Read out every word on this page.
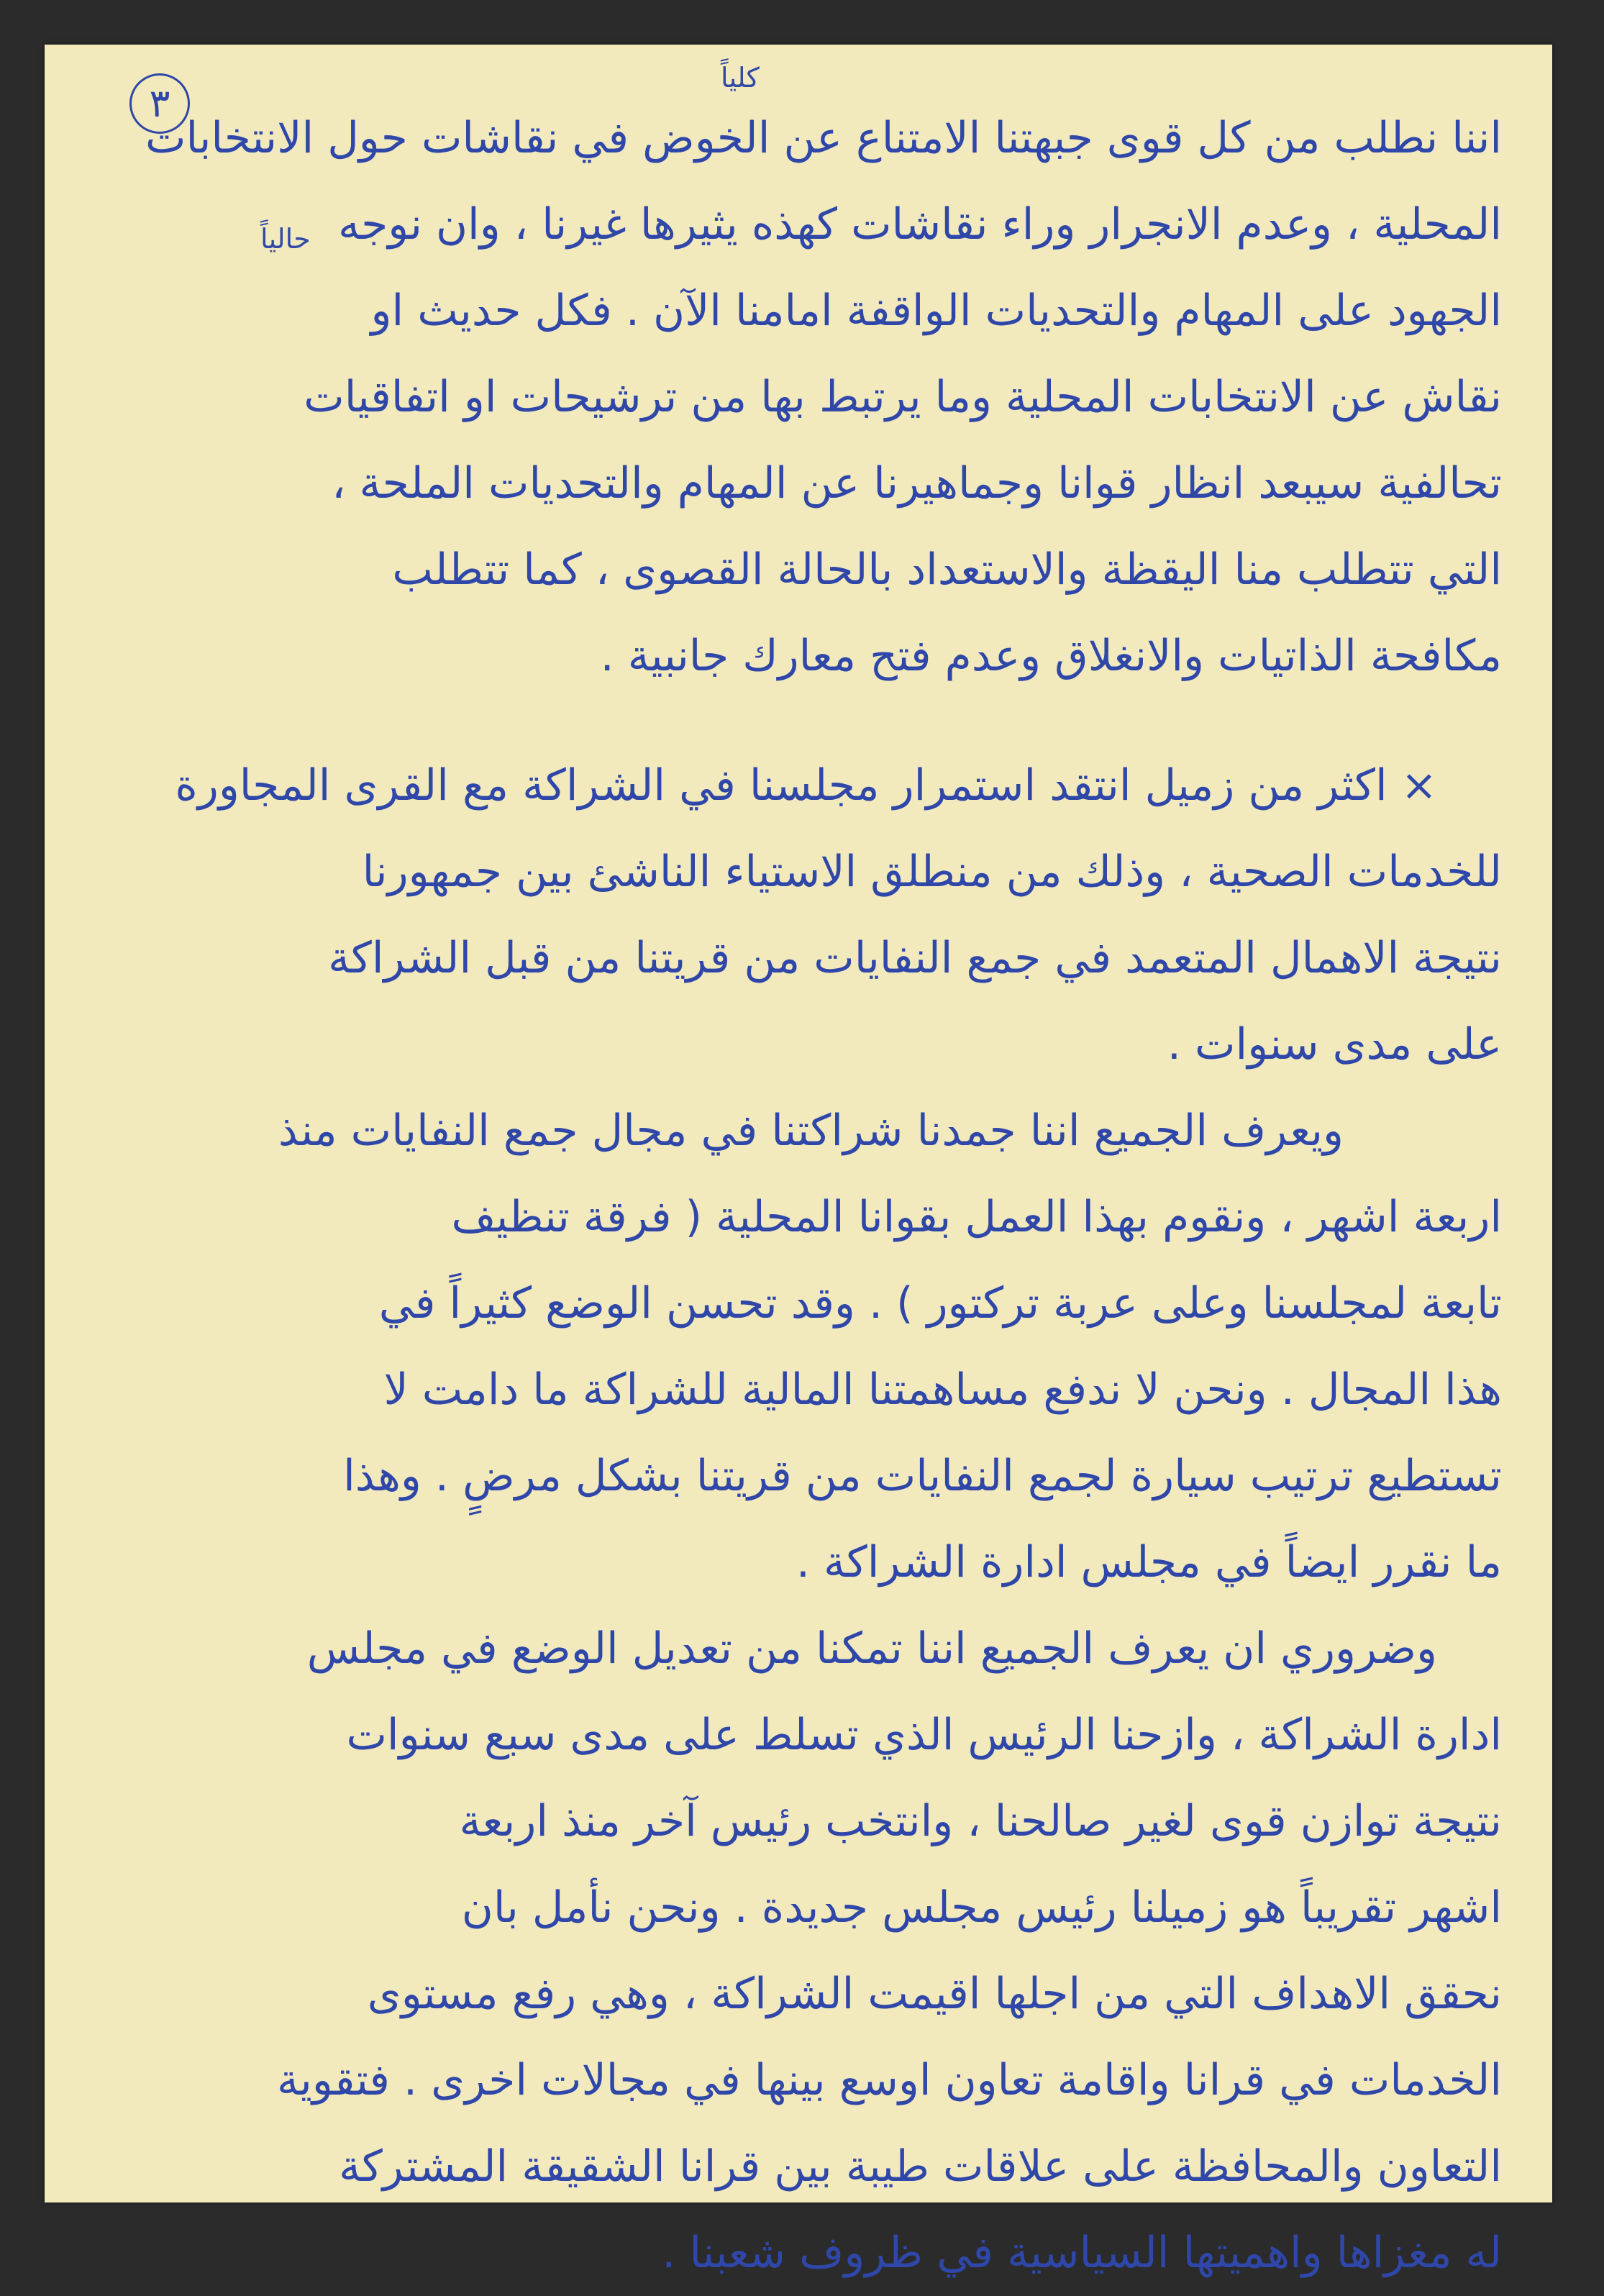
٣
كلياً
حالياً
اننا نطلب من كل قوى جبهتنا الامتناع عن الخوض في نقاشات حول الانتخابات
المحلية ، وعدم الانجرار وراء نقاشات كهذه يثيرها غيرنا ، وان نوجه
الجهود على المهام والتحديات الواقفة امامنا الآن . فكل حديث او
نقاش عن الانتخابات المحلية وما يرتبط بها من ترشيحات او اتفاقيات
تحالفية سيبعد انظار قوانا وجماهيرنا عن المهام والتحديات الملحة ،
التي تتطلب منا اليقظة والاستعداد بالحالة القصوى ، كما تتطلب
مكافحة الذاتيات والانغلاق وعدم فتح معارك جانبية .
× اكثر من زميل انتقد استمرار مجلسنا في الشراكة مع القرى المجاورة
للخدمات الصحية ، وذلك من منطلق الاستياء الناشئ بين جمهورنا
نتيجة الاهمال المتعمد في جمع النفايات من قريتنا من قبل الشراكة
على مدى سنوات .
ويعرف الجميع اننا جمدنا شراكتنا في مجال جمع النفايات منذ
اربعة اشهر ، ونقوم بهذا العمل بقوانا المحلية ( فرقة تنظيف
تابعة لمجلسنا وعلى عربة تركتور ) . وقد تحسن الوضع كثيراً في
هذا المجال . ونحن لا ندفع مساهمتنا المالية للشراكة ما دامت لا
تستطيع ترتيب سيارة لجمع النفايات من قريتنا بشكل مرضٍ . وهذا
ما نقرر ايضاً في مجلس ادارة الشراكة .
وضروري ان يعرف الجميع اننا تمكنا من تعديل الوضع في مجلس
ادارة الشراكة ، وازحنا الرئيس الذي تسلط على مدى سبع سنوات
نتيجة توازن قوى لغير صالحنا ، وانتخب رئيس آخر منذ اربعة
اشهر تقريباً هو زميلنا رئيس مجلس جديدة . ونحن نأمل بان
نحقق الاهداف التي من اجلها اقيمت الشراكة ، وهي رفع مستوى
الخدمات في قرانا واقامة تعاون اوسع بينها في مجالات اخرى . فتقوية
التعاون والمحافظة على علاقات طيبة بين قرانا الشقيقة المشتركة
له مغزاها واهميتها السياسية في ظروف شعبنا .
